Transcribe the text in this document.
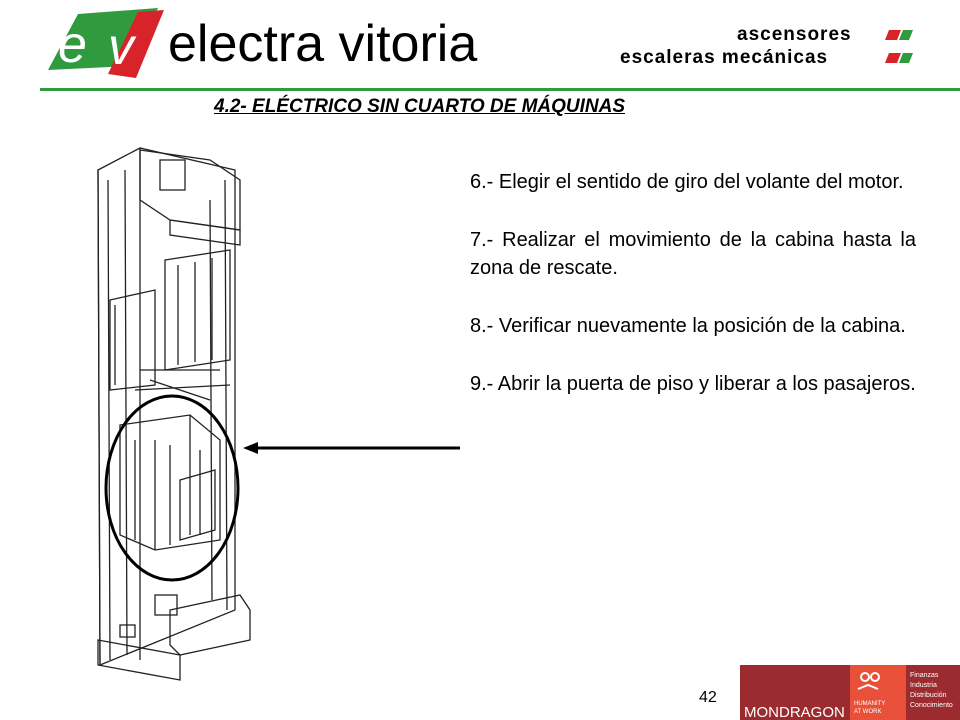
e v electra vitoria	ascensores
escaleras mecánicas
4.2- ELÉCTRICO SIN CUARTO DE MÁQUINAS

6.- Elegir el sentido de giro del volante del motor.

7.- Realizar el movimiento de la cabina hasta la zona de rescate.

8.- Verificar nuevamente la posición de la cabina.

9.- Abrir la puerta de piso y liberar a los pasajeros.

42
MONDRAGON HUMANITY
AT WORK
Finanzas
Industria
Distribución
Conocimiento
